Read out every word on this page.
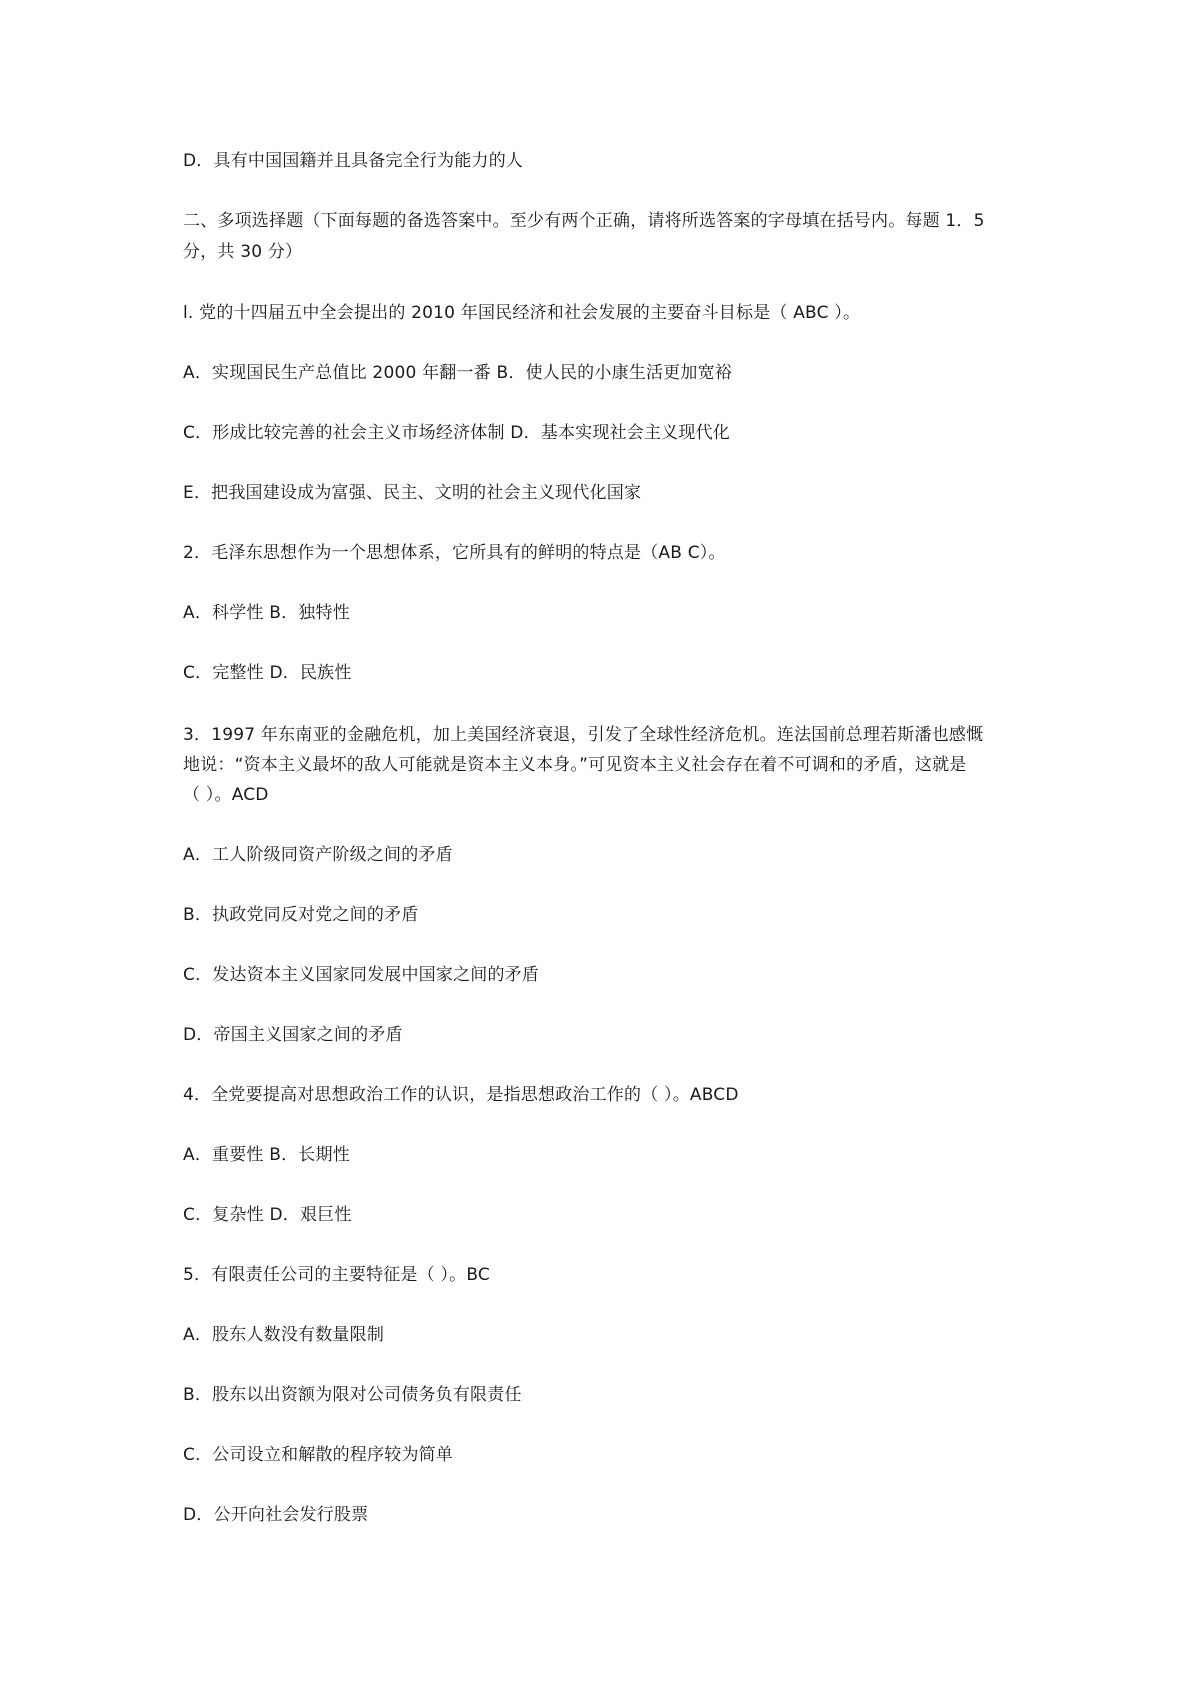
D．具有中国国籍并且具备完全行为能力的人
二、多项选择题（下面每题的备选答案中。至少有两个正确，请将所选答案的字母填在括号内。每题 1．5
分，共 30 分）
l. 党的十四届五中全会提出的 2010 年国民经济和社会发展的主要奋斗目标是（ ABC ）。
A．实现国民生产总值比 2000 年翻一番 B．使人民的小康生活更加宽裕
C．形成比较完善的社会主义市场经济体制 D．基本实现社会主义现代化
E．把我国建设成为富强、民主、文明的社会主义现代化国家
2．毛泽东思想作为一个思想体系，它所具有的鲜明的特点是（AB C）。
A．科学性 B．独特性
C．完整性 D．民族性
3．1997 年东南亚的金融危机，加上美国经济衰退，引发了全球性经济危机。连法国前总理若斯潘也感慨
地说：“资本主义最坏的敌人可能就是资本主义本身。”可见资本主义社会存在着不可调和的矛盾，这就是
（ ）。ACD
A．工人阶级同资产阶级之间的矛盾
B．执政党同反对党之间的矛盾
C．发达资本主义国家同发展中国家之间的矛盾
D．帝国主义国家之间的矛盾
4．全党要提高对思想政治工作的认识，是指思想政治工作的（ ）。ABCD
A．重要性 B．长期性
C．复杂性 D．艰巨性
5．有限责任公司的主要特征是（ ）。BC
A．股东人数没有数量限制
B．股东以出资额为限对公司债务负有限责任
C．公司设立和解散的程序较为简单
D．公开向社会发行股票
